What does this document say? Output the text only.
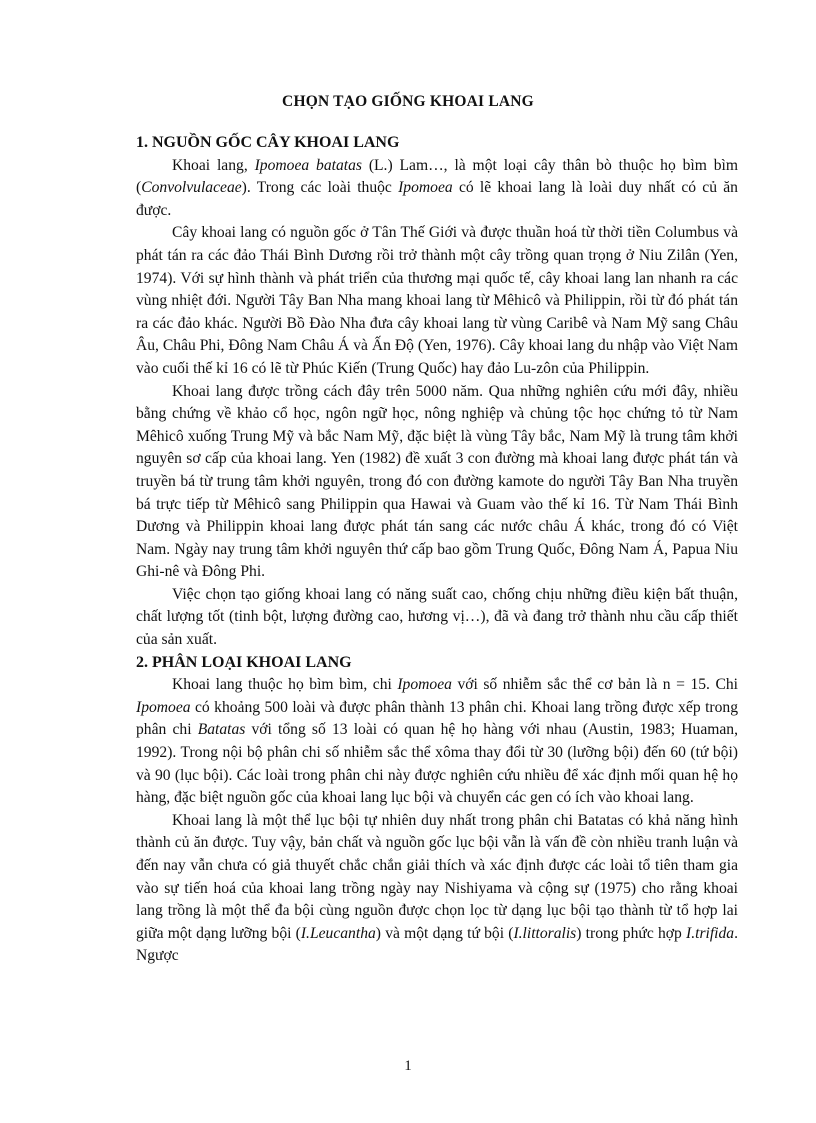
CHỌN TẠO GIỐNG KHOAI LANG
1. NGUỒN GỐC CÂY KHOAI LANG

Khoai lang, Ipomoea batatas (L.) Lam…, là một loại cây thân bò thuộc họ bìm bìm (Convolvulaceae). Trong các loài thuộc Ipomoea có lẽ khoai lang là loài duy nhất có củ ăn được.

Cây khoai lang có nguồn gốc ở Tân Thế Giới và được thuần hoá từ thời tiền Columbus và phát tán ra các đảo Thái Bình Dương rồi trở thành một cây trồng quan trọng ở Niu Zilân (Yen, 1974). Với sự hình thành và phát triển của thương mại quốc tế, cây khoai lang lan nhanh ra các vùng nhiệt đới. Người Tây Ban Nha mang khoai lang từ Mêhicô và Philippin, rồi từ đó phát tán ra các đảo khác. Người Bồ Đào Nha đưa cây khoai lang từ vùng Caribê và Nam Mỹ sang Châu Âu, Châu Phi, Đông Nam Châu Á và Ấn Độ (Yen, 1976). Cây khoai lang du nhập vào Việt Nam vào cuối thế kỉ 16 có lẽ từ Phúc Kiến (Trung Quốc) hay đảo Lu-zôn của Philippin.

Khoai lang được trồng cách đây trên 5000 năm. Qua những nghiên cứu mới đây, nhiều bằng chứng về khảo cổ học, ngôn ngữ học, nông nghiệp và chủng tộc học chứng tỏ từ Nam Mêhicô xuống Trung Mỹ và bắc Nam Mỹ, đặc biệt là vùng Tây bắc, Nam Mỹ là trung tâm khởi nguyên sơ cấp của khoai lang. Yen (1982) đề xuất 3 con đường mà khoai lang được phát tán và truyền bá từ trung tâm khởi nguyên, trong đó con đường kamote do người Tây Ban Nha truyền bá trực tiếp từ Mêhicô sang Philippin qua Hawai và Guam vào thế kỉ 16. Từ Nam Thái Bình Dương và Philippin khoai lang được phát tán sang các nước châu Á khác, trong đó có Việt Nam. Ngày nay trung tâm khởi nguyên thứ cấp bao gồm Trung Quốc, Đông Nam Á, Papua Niu Ghi-nê và Đông Phi.

Việc chọn tạo giống khoai lang có năng suất cao, chống chịu những điều kiện bất thuận, chất lượng tốt (tinh bột, lượng đường cao, hương vị…), đã và đang trở thành nhu cầu cấp thiết của sản xuất.

2. PHÂN LOẠI KHOAI LANG

Khoai lang thuộc họ bìm bìm, chi Ipomoea với số nhiễm sắc thể cơ bản là n = 15. Chi Ipomoea có khoảng 500 loài và được phân thành 13 phân chi. Khoai lang trồng được xếp trong phân chi Batatas với tổng số 13 loài có quan hệ họ hàng với nhau (Austin, 1983; Huaman, 1992). Trong nội bộ phân chi số nhiễm sắc thể xôma thay đổi từ 30 (lưỡng bội) đến 60 (tứ bội) và 90 (lục bội). Các loài trong phân chi này được nghiên cứu nhiều để xác định mối quan hệ họ hàng, đặc biệt nguồn gốc của khoai lang lục bội và chuyển các gen có ích vào khoai lang.

Khoai lang là một thể lục bội tự nhiên duy nhất trong phân chi Batatas có khả năng hình thành củ ăn được. Tuy vậy, bản chất và nguồn gốc lục bội vẫn là vấn đề còn nhiều tranh luận và đến nay vẫn chưa có giả thuyết chắc chắn giải thích và xác định được các loài tổ tiên tham gia vào sự tiến hoá của khoai lang trồng ngày nay Nishiyama và cộng sự (1975) cho rằng khoai lang trồng là một thể đa bội cùng nguồn được chọn lọc từ dạng lục bội tạo thành từ tổ hợp lai giữa một dạng lưỡng bội (I.Leucantha) và một dạng tứ bội (I.littoralis) trong phức hợp I.trifida. Ngược

1
